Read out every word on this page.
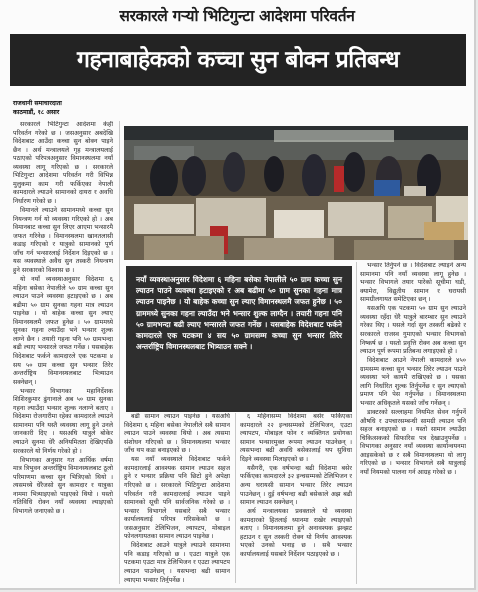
सरकारले गऱ्यो भिटिगुन्टा आदेशमा परिवर्तन
गहनाबाहेकको कच्चा सुन बोक्न प्रतिबन्ध
राजधानी समाचारदाता
काठमाडौं, १८ असार

सरकारले भिटिगुन्टा आदेशमा केही परिवर्तन गरेको छ । जसअनुसार अबदेखि विदेशबाट आउँदा कच्चा सुन बोक्न पाइने छैन । अर्थ मन्त्रालयले गृह मन्त्रालयलाई पठाएको परिपत्रअनुसार विमानस्थलमा नयाँ व्यवस्था लागू गरिएको छ । सरकारले भिटिगुन्टा आदेशमा परिवर्तन गरी विभिन्न मुलुकमा काम गरी फर्किएका नेपाली कामदारले ल्याउने सामानको दायरा र अवधि निर्धारण गरेको छ ।

विमानले ल्याउने सामानमध्ये कच्चा सुन नियन्त्रण गर्न यो व्यवस्था गरिएको हो । अब विमानबाट कच्चा सुन लिएर आएमा भन्सारमै जफत गरिनेछ । विमानस्थलमा खानतलासी कडाइ गरिएको र यात्रुको सामानको पूर्ण जाँच गर्न भन्सारलाई निर्देशन दिइएको छ । यस व्यवस्थाले अवैध सुन तस्करी नियन्त्रण हुने सरकारको विश्वास छ ।

यो नयाँ व्यवस्थाअनुसार विदेशमा ६ महिना बसेका नेपालीले ५० ग्राम कच्चा सुन ल्याउन पाउने व्यवस्था हटाइएको छ । अब बढीमा ५० ग्राम सुनका गहना मात्र ल्याउन पाइनेछ । यो बाहेक कच्चा सुन ल्याए विमानस्थलमै जफत हुनेछ । ५० ग्राममध्ये सुनका गहना ल्याउँदा भने भन्सार शुल्क लाग्ने छैन । तयारी गहना पनि ५० ग्रामभन्दा बढी ल्याए भन्सारले जफत गर्नेछ । यसबाहेक विदेशबाट फर्कने कामदारले एक पटकमा ४ सय ५० ग्राम कच्चा सुन भन्सार तिरेर अन्तर्राष्ट्रिय विमानस्थलबाट भित्र्याउन सक्नेछन् ।

भन्सार विभागका महानिर्देशक शिशिरकुमार ढुंगानाले अब ५० ग्राम सुनका गहना ल्याउँदा भन्सार शुल्क नलाग्ने बताए । विदेशमा रोजगारीमा रहेका कामदारले ल्याउने सामानमा पनि यस्तै व्यवस्था लागू हुने उनले जानकारी दिए । यसअघि यात्रुले बोकेर ल्याउने सुनमा धेरै अनियमितता देखिएपछि सरकारले यो निर्णय गरेको हो ।

विभागका अनुसार गत आर्थिक वर्षमा मात्र त्रिभुवन अन्तर्राष्ट्रिय विमानस्थलबाट ठूलो परिमाणमा कच्चा सुन भित्रिएको थियो । त्यसमध्ये धेरैजसो सुन कामदार र यात्रुका नाममा भित्र्याइएको पाइएको थियो । यस्तो गतिविधि रोक्न नयाँ व्यवस्था ल्याइएको विभागले जनाएको छ ।

नयाँ व्यवस्थाअनुसार विदेशमा ६ महिना बसेका नेपालीले ५० ग्राम कच्चा सुन ल्याउन पाउने व्यवस्था हटाइएको र अब बढीमा ५० ग्राम सुनका गहना मात्र ल्याउन पाइनेछ । यो बाहेक कच्चा सुन ल्याए विमानस्थलमै जफत हुनेछ । ५० ग्राममध्ये सुनका गहना ल्याउँदा भने भन्सार शुल्क लाग्दैन । तयारी गहना पनि ५० ग्रामभन्दा बढी ल्याए भन्सारले जफत गर्नेछ । यसबाहेक विदेशबाट फर्कने कामदारले एक पटकमा ४ सय ५० ग्रामसम्म कच्चा सुन भन्सार तिरेर अन्तर्राष्ट्रिय विमानस्थलबाट भित्र्याउन सक्ने ।

बढी सामान ल्याउन पाइनेछ । यसअघि विदेशमा ६ महिना बसेका नेपालीले सबै सामान ल्याउन पाउने व्यवस्था थियो । अब त्यसमा संशोधन गरिएको छ । विमानस्थलमा भन्सार जाँच थप कडा बनाइएको छ ।

यस नयाँ व्यवस्थाले विदेशबाट फर्कने कामदारलाई आवश्यक सामान ल्याउन सहज हुने र भन्सार प्रक्रिया पनि छिटो हुने अपेक्षा गरिएको छ । सरकारले भिटिगुन्टा आदेशमा परिवर्तन गरी कामदारलाई ल्याउन पाइने सामानको सूची पनि सार्वजनिक गरेको छ । भन्सार विभागले यसबारे सबै भन्सार कार्यालयलाई परिपत्र गरिसकेको छ । जसअनुसार टेलिभिजन, ल्यापटप, मोबाइल फोनलगायतका सामान ल्याउन पाइनेछ ।

विदेशबाट आउने यात्रुले ल्याउने सामानमा पनि कडाइ गरिएको छ । एउटा यात्रुले एक पटकमा एउटा मात्र टेलिभिजन र एउटा ल्यापटप ल्याउन पाउनेछन् । यसभन्दा बढी सामान ल्याएमा भन्सार तिर्नुपर्नेछ ।

६ महिनासम्म विदेशमा बसेर फर्किएका कामदारले २२ इन्चसम्मको टेलिभिजन, एउटा ल्यापटप, मोबाइल फोन र व्यक्तिगत प्रयोगका सामान भन्सारमुक्त रूपमा ल्याउन पाउनेछन् । त्यसभन्दा बढी अवधि बसेकालाई थप सुविधा दिइने व्यवस्था मिलाइएको छ ।

यसैगरी, एक वर्षभन्दा बढी विदेशमा बसेर फर्किएका कामदारले ३२ इन्चसम्मको टेलिभिजन र अन्य घरायसी सामान भन्सार तिरेर ल्याउन पाउनेछन् । दुई वर्षभन्दा बढी बसेकाले अझ बढी सामान ल्याउन सक्नेछन् ।

अर्थ मन्त्रालयका प्रवक्ताले यो व्यवस्था कामदारको हितलाई ध्यानमा राखेर ल्याइएको बताए । विमानस्थलमा हुने अनावश्यक झन्झट हटाउन र सुन तस्करी रोक्न यो निर्णय आवश्यक भएको उनको भनाइ छ । सबै भन्सार कार्यालयलाई यसबारे निर्देशन पठाइएको छ ।

भन्सार तिर्नुपर्ने छ । विदेशबाट ल्याइने अन्य सामानमा पनि नयाँ व्यवस्था लागू हुनेछ । भन्सार विभागले तयार पारेको सूचीमा घडी, क्यामेरा, विद्युतीय सामान र घरायसी सामग्रीलगायत समेटिएका छन् ।

यसअघि एक पटकमा ५० ग्राम सुन ल्याउने व्यवस्था रहँदा धेरै यात्रुले बारम्बार सुन ल्याउने गरेका थिए । यसले गर्दा सुन तस्करी बढेको र सरकारले राजस्व गुमाएको भन्सार विभागको निष्कर्ष छ । यस्तो प्रवृत्ति रोक्न अब कच्चा सुन ल्याउन पूर्ण रूपमा प्रतिबन्ध लगाइएको हो ।

विदेशबाट आउने नेपाली कामदारले ४५० ग्रामसम्म कच्चा सुन भन्सार तिरेर ल्याउन पाउने व्यवस्था भने कायमै राखिएको छ । यसका लागि निर्धारित शुल्क तिर्नुपर्नेछ र सुन ल्याएको प्रमाण पनि पेस गर्नुपर्नेछ । विमानस्थलमा भन्सार अधिकृतले यसको जाँच गर्नेछन् ।

डाक्टरको सल्लाहमा नियमित सेवन गर्नुपर्ने औषधि र उपचारसम्बन्धी सामग्री ल्याउन पनि सहज बनाइएको छ । यस्तो सामान ल्याउँदा चिकित्सकको सिफारिस पत्र देखाउनुपर्नेछ । विभागका अनुसार नयाँ व्यवस्था कार्यान्वयनमा आइसकेको छ र सबै विमानस्थलमा यो लागू गरिएको छ । भन्सार विभागले सबै यात्रुलाई नयाँ नियमको पालना गर्न आग्रह गरेको छ ।
